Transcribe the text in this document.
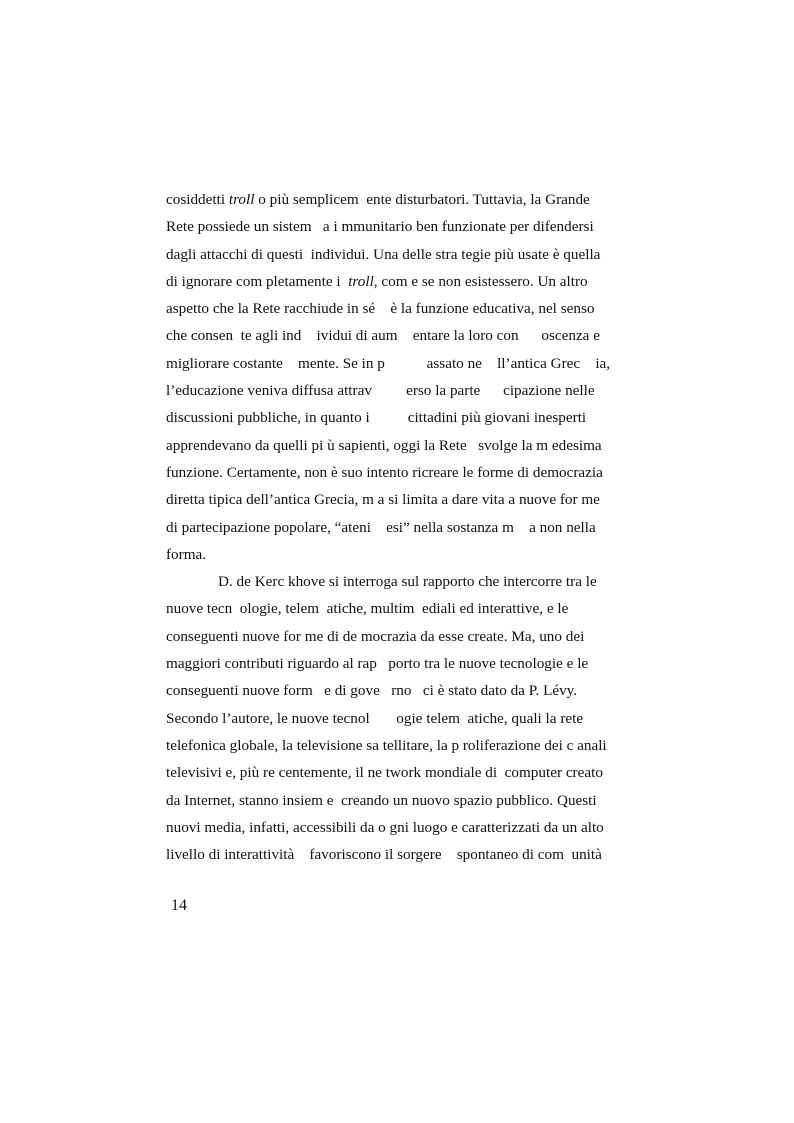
cosiddetti troll o più semplicem  ente disturbatori. Tuttavia, la Grande
Rete possiede un sistem   a i mmunitario ben funzionate per difendersi
dagli attacchi di questi  individui. Una delle stra tegie più usate è quella
di ignorare com pletamente i  troll, com e se non esistessero. Un altro
aspetto che la Rete racchiude in sé    è la funzione educativa, nel senso
che consen  te agli ind    ividui di aum    entare la loro con      oscenza e
migliorare costante    mente. Se in p           assato ne    ll’antica Grec    ia,
l’educazione veniva diffusa attrav         erso la parte      cipazione nelle
discussioni pubbliche, in quanto i          cittadini più giovani inesperti
apprendevano da quelli pi ù sapienti, oggi la Rete   svolge la m edesima
funzione. Certamente, non è suo intento ricreare le forme di democrazia
diretta tipica dell’antica Grecia, m a si limita a dare vita a nuove for me
di partecipazione popolare, “ateni    esi” nella sostanza m    a non nella
forma.
D. de Kerc khove si interroga sul rapporto che intercorre tra le
nuove tecn  ologie, telem  atiche, multim  ediali ed interattive, e le
conseguenti nuove for me di de mocrazia da esse create. Ma, uno dei
maggiori contributi riguardo al rap   porto tra le nuove tecnologie e le
conseguenti nuove form   e di gove   rno   ci è stato dato da P. Lévy.
Secondo l’autore, le nuove tecnol       ogie telem  atiche, quali la rete
telefonica globale, la televisione sa tellitare, la p roliferazione dei c anali
televisivi e, più re centemente, il ne twork mondiale di  computer creato
da Internet, stanno insiem e  creando un nuovo spazio pubblico. Questi
nuovi media, infatti, accessibili da o gni luogo e caratterizzati da un alto
livello di interattività    favoriscono il sorgere    spontaneo di com  unità
14
